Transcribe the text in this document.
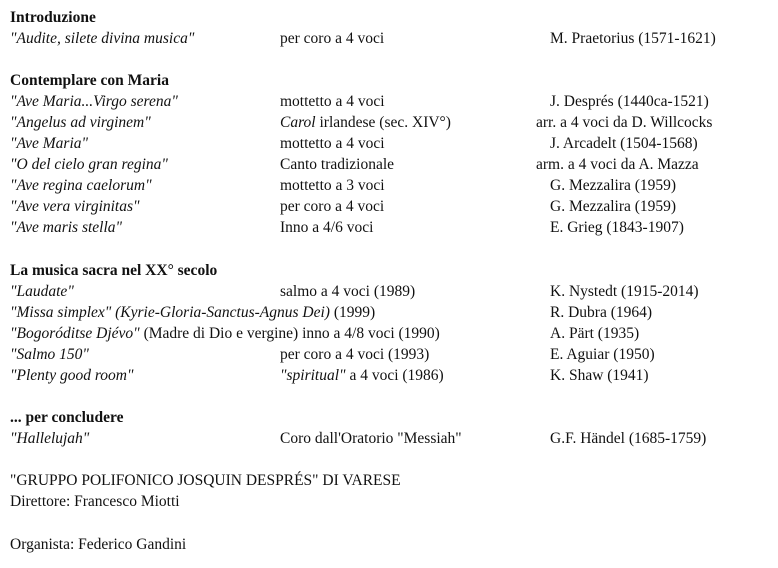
Introduzione
"Audite, silete divina musica"	per coro a 4 voci	M. Praetorius (1571-1621)
Contemplare con Maria
"Ave Maria...Virgo serena"	mottetto a 4 voci	J. Després (1440ca-1521)
"Angelus ad virginem"	Carol irlandese (sec. XIV°)	arr. a 4 voci da D. Willcocks
"Ave Maria"	mottetto a 4 voci	J. Arcadelt (1504-1568)
"O del cielo gran regina"	Canto tradizionale	arm. a 4 voci da A. Mazza
"Ave regina caelorum"	mottetto a 3 voci	G. Mezzalira (1959)
"Ave vera virginitas"	per coro a 4 voci	G. Mezzalira (1959)
"Ave maris stella"	Inno a 4/6 voci	E. Grieg (1843-1907)
La musica sacra nel XX° secolo
"Laudate"	salmo a 4 voci (1989)	K. Nystedt (1915-2014)
"Missa simplex" (Kyrie-Gloria-Sanctus-Agnus Dei) (1999)	R. Dubra (1964)
"Bogoróditse Djévo" (Madre di Dio e vergine) inno a 4/8 voci (1990)	A. Pärt (1935)
"Salmo 150"	per coro a 4 voci (1993)	E. Aguiar (1950)
"Plenty good room"	"spiritual" a 4 voci (1986)	K. Shaw (1941)
... per concludere
"Hallelujah"	Coro dall'Oratorio "Messiah"	G.F. Händel (1685-1759)
"GRUPPO POLIFONICO JOSQUIN DESPRÉS" DI VARESE
Direttore: Francesco Miotti
Organista: Federico Gandini
